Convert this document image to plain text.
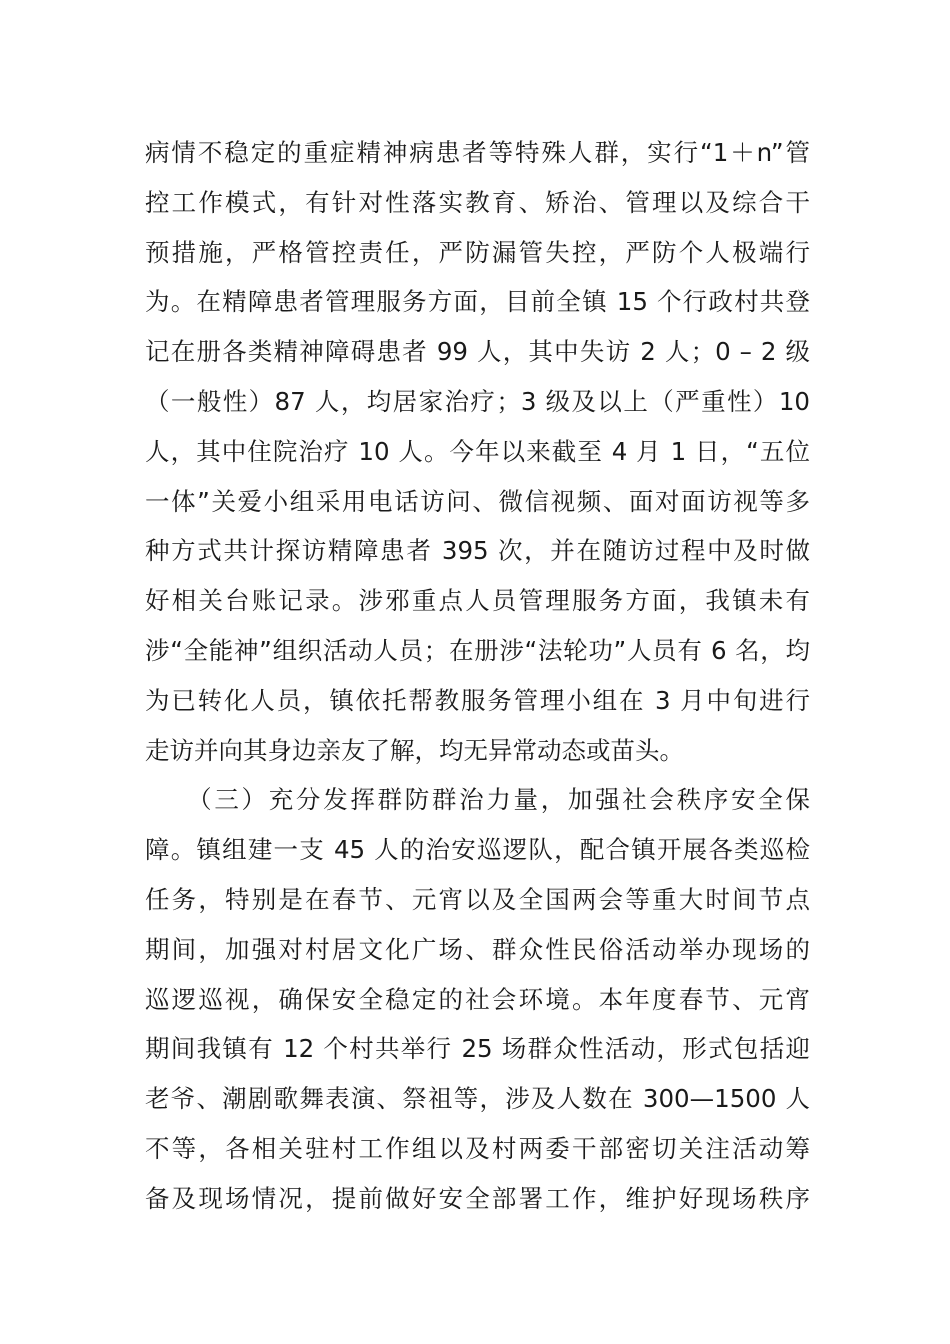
病情不稳定的重症精神病患者等特殊人群，实行“1＋n”管
控工作模式，有针对性落实教育、矫治、管理以及综合干
预措施，严格管控责任，严防漏管失控，严防个人极端行
为。在精障患者管理服务方面，目前全镇 15 个行政村共登
记在册各类精神障碍患者 99 人，其中失访 2 人；0 – 2 级
（一般性）87 人，均居家治疗；3 级及以上（严重性）10
人，其中住院治疗 10 人。今年以来截至 4 月 1 日，“五位
一体”关爱小组采用电话访问、微信视频、面对面访视等多
种方式共计探访精障患者 395 次，并在随访过程中及时做
好相关台账记录。涉邪重点人员管理服务方面，我镇未有
涉“全能神”组织活动人员；在册涉“法轮功”人员有 6 名，均
为已转化人员，镇依托帮教服务管理小组在 3 月中旬进行
走访并向其身边亲友了解，均无异常动态或苗头。
　　（三）充分发挥群防群治力量，加强社会秩序安全保
障。镇组建一支 45 人的治安巡逻队，配合镇开展各类巡检
任务，特别是在春节、元宵以及全国两会等重大时间节点
期间，加强对村居文化广场、群众性民俗活动举办现场的
巡逻巡视，确保安全稳定的社会环境。本年度春节、元宵
期间我镇有 12 个村共举行 25 场群众性活动，形式包括迎
老爷、潮剧歌舞表演、祭祖等，涉及人数在 300—1500 人
不等，各相关驻村工作组以及村两委干部密切关注活动筹
备及现场情况，提前做好安全部署工作，维护好现场秩序
